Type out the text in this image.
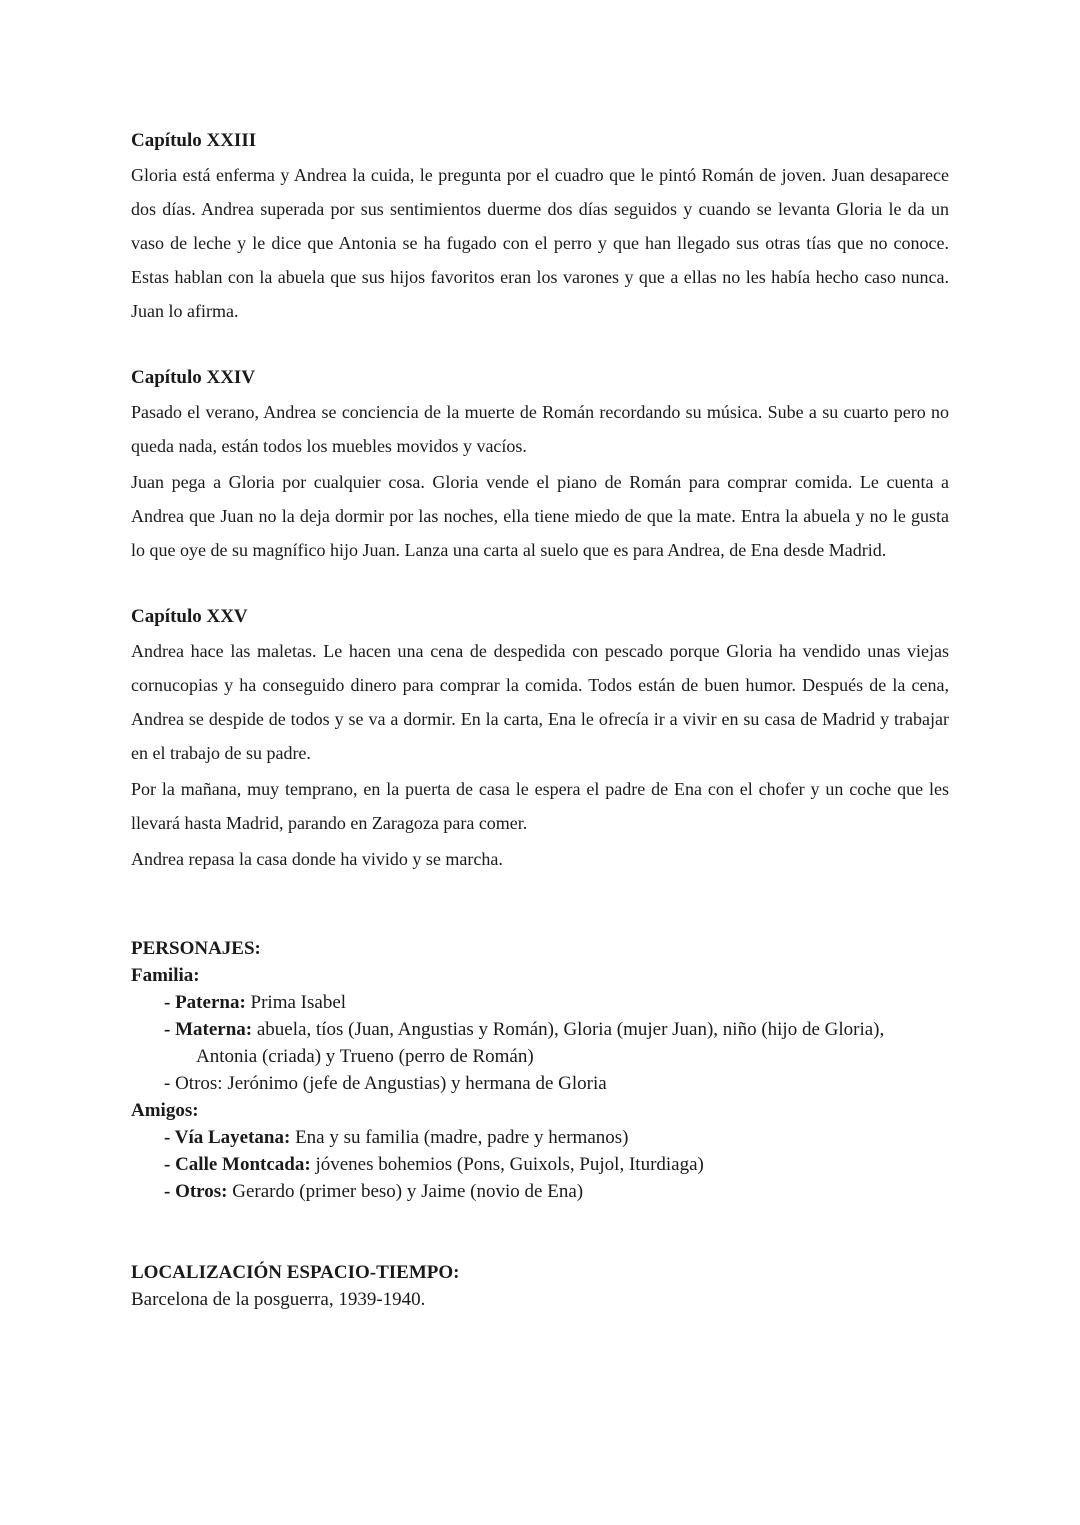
Capítulo XXIII

Gloria está enferma y Andrea la cuida, le pregunta por el cuadro que le pintó Román de joven. Juan desaparece dos días. Andrea superada por sus sentimientos duerme dos días seguidos y cuando se levanta Gloria le da un vaso de leche y le dice que Antonia se ha fugado con el perro y que han llegado sus otras tías que no conoce. Estas hablan con la abuela que sus hijos favoritos eran los varones y que a ellas no les había hecho caso nunca. Juan lo afirma.

Capítulo XXIV

Pasado el verano, Andrea se conciencia de la muerte de Román recordando su música. Sube a su cuarto pero no queda nada, están todos los muebles movidos y vacíos.

Juan pega a Gloria por cualquier cosa. Gloria vende el piano de Román para comprar comida. Le cuenta a Andrea que Juan no la deja dormir por las noches, ella tiene miedo de que la mate. Entra la abuela y no le gusta lo que oye de su magnífico hijo Juan. Lanza una carta al suelo que es para Andrea, de Ena desde Madrid.

Capítulo XXV

Andrea hace las maletas. Le hacen una cena de despedida con pescado porque Gloria ha vendido unas viejas cornucopias y ha conseguido dinero para comprar la comida. Todos están de buen humor. Después de la cena, Andrea se despide de todos y se va a dormir. En la carta, Ena le ofrecía ir a vivir en su casa de Madrid y trabajar en el trabajo de su padre.

Por la mañana, muy temprano, en la puerta de casa le espera el padre de Ena con el chofer y un coche que les llevará hasta Madrid, parando en Zaragoza para comer.

Andrea repasa la casa donde ha vivido y se marcha.

PERSONAJES:
Familia:
- Paterna: Prima Isabel
- Materna: abuela, tíos (Juan, Angustias y Román), Gloria (mujer Juan), niño (hijo de Gloria),
Antonia (criada) y Trueno (perro de Román)
- Otros: Jerónimo (jefe de Angustias) y hermana de Gloria
Amigos:
- Vía Layetana: Ena y su familia (madre, padre y hermanos)
- Calle Montcada: jóvenes bohemios (Pons, Guixols, Pujol, Iturdiaga)
- Otros: Gerardo (primer beso) y Jaime (novio de Ena)
LOCALIZACIÓN ESPACIO-TIEMPO:
Barcelona de la posguerra, 1939-1940.
